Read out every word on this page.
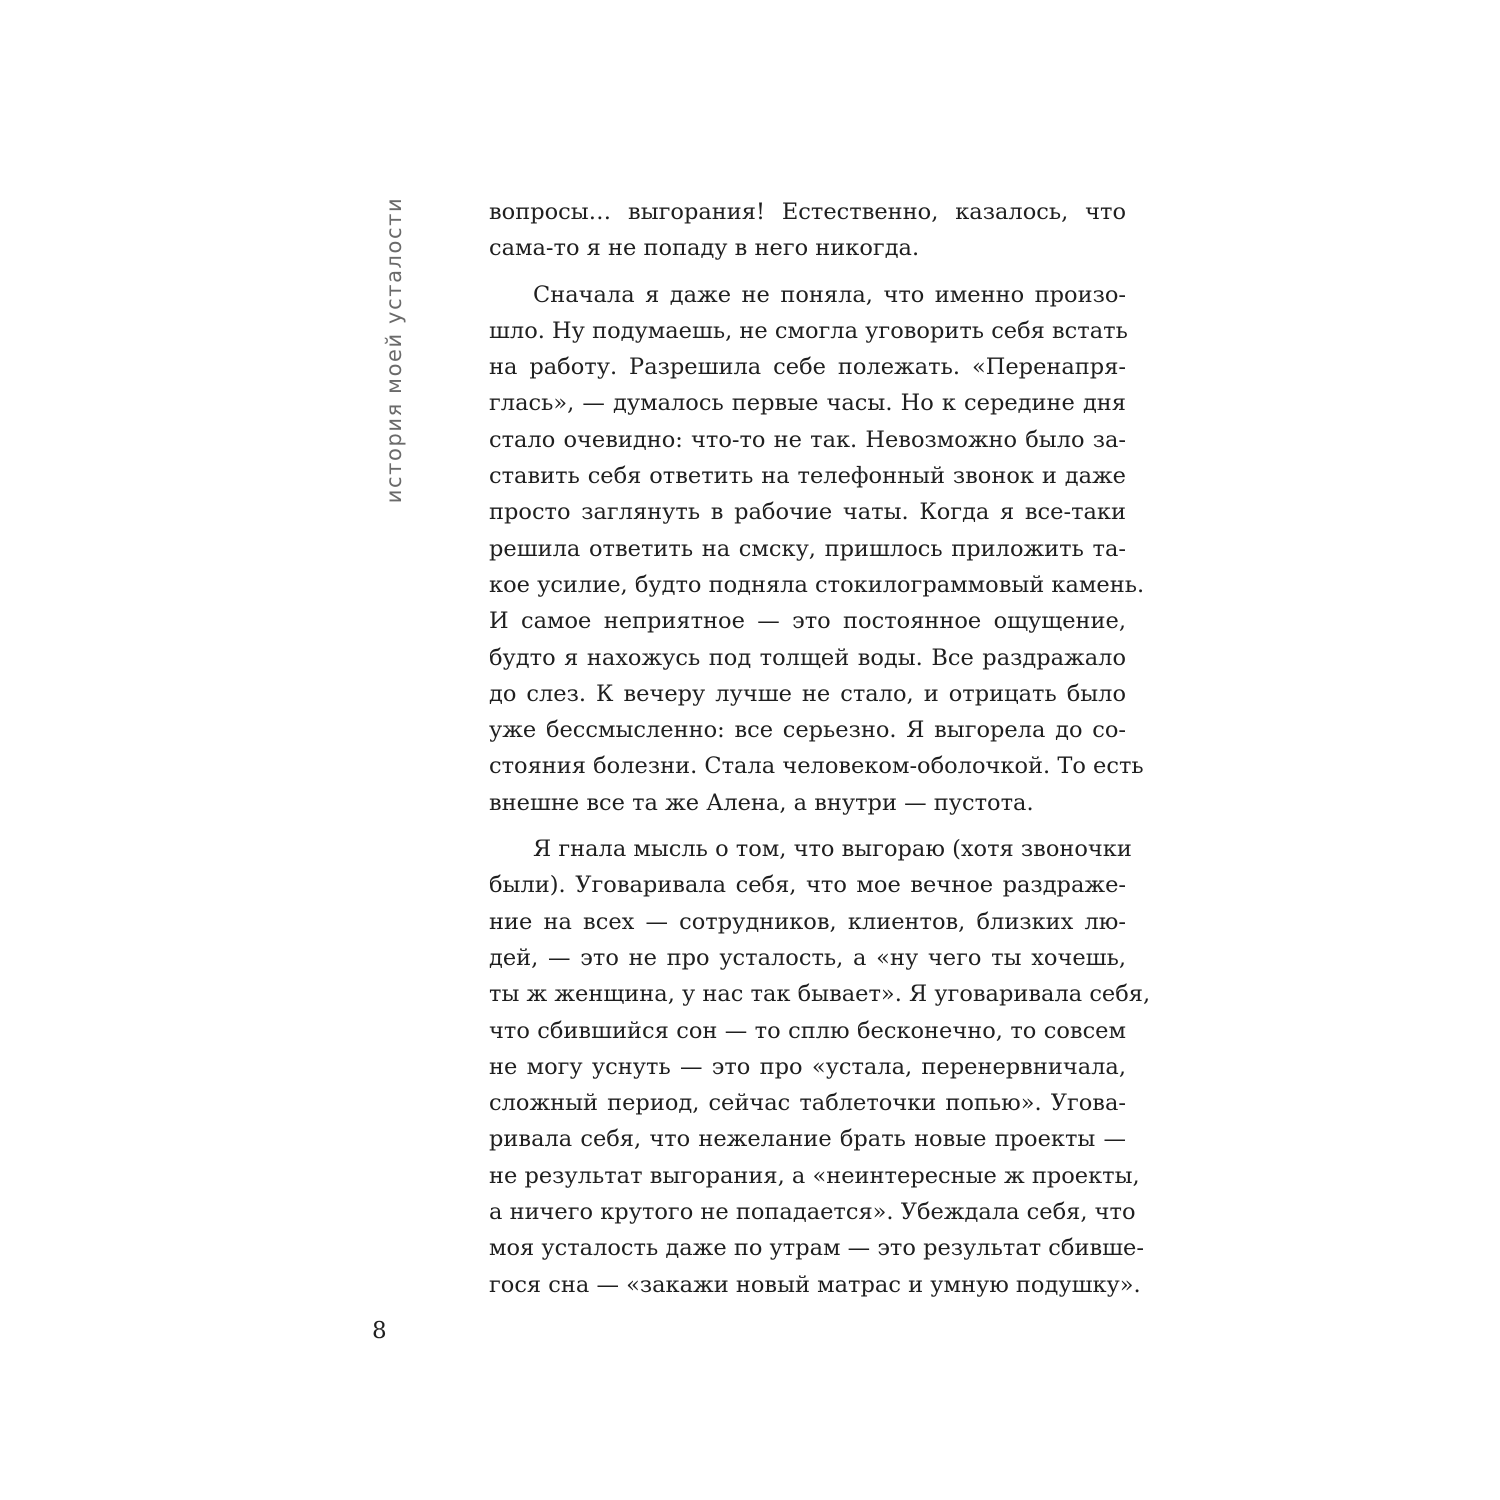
история моей усталости	вопросы… выгорания! Естественно, казалось, что
сама-то я не попаду в него никогда.
Сначала я даже не поняла, что именно произо-
шло. Ну подумаешь, не смогла уговорить себя встать
на работу. Разрешила себе полежать. «Перенапря-
глась», — думалось первые часы. Но к середине дня
стало очевидно: что-то не так. Невозможно было за-
ставить себя ответить на телефонный звонок и даже
просто заглянуть в рабочие чаты. Когда я все-таки
решила ответить на смску, пришлось приложить та-
кое усилие, будто подняла стокилограммовый камень.
И самое неприятное — это постоянное ощущение,
будто я нахожусь под толщей воды. Все раздражало
до слез. К вечеру лучше не стало, и отрицать было
уже бессмысленно: все серьезно. Я выгорела до со-
стояния болезни. Стала человеком-оболочкой. То есть
внешне все та же Алена, а внутри — пустота.
Я гнала мысль о том, что выгораю (хотя звоночки
были). Уговаривала себя, что мое вечное раздраже-
ние на всех — сотрудников, клиентов, близких лю-
дей, — это не про усталость, а «ну чего ты хочешь,
ты ж женщина, у нас так бывает». Я уговаривала себя,
что сбившийся сон — то сплю бесконечно, то совсем
не могу уснуть — это про «устала, перенервничала,
сложный период, сейчас таблеточки попью». Угова-
ривала себя, что нежелание брать новые проекты —
не результат выгорания, а «неинтересные ж проекты,
а ничего крутого не попадается». Убеждала себя, что
моя усталость даже по утрам — это результат сбивше-
гося сна — «закажи новый матрас и умную подушку».
8
